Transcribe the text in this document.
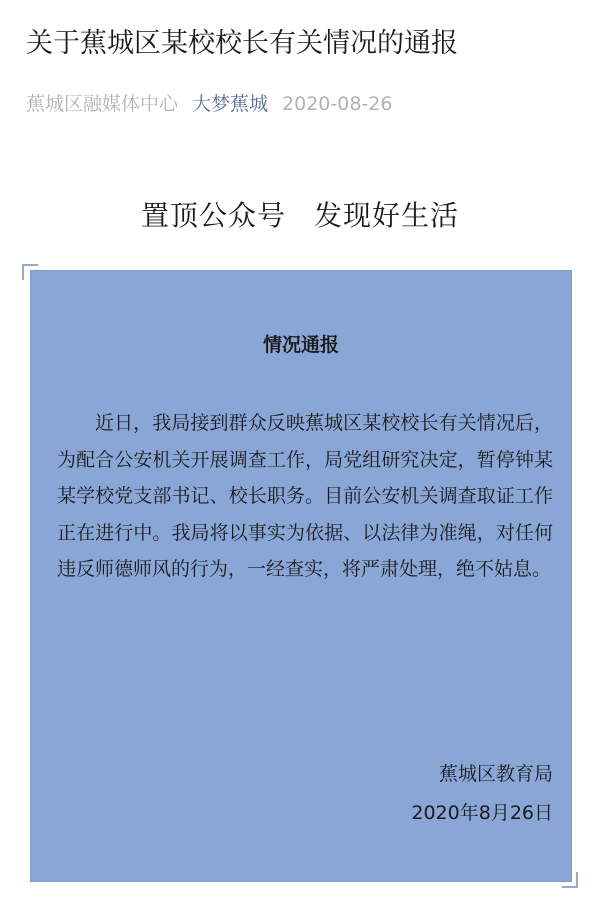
关于蕉城区某校校长有关情况的通报
蕉城区融媒体中心 大梦蕉城 2020-08-26
置顶公众号 发现好生活
情况通报
近日，我局接到群众反映蕉城区某校校长有关情况后，为配合公安机关开展调查工作，局党组研究决定，暂停钟某某学校党支部书记、校长职务。目前公安机关调查取证工作正在进行中。我局将以事实为依据、以法律为准绳，对任何违反师德师风的行为，一经查实，将严肃处理，绝不姑息。
蕉城区教育局
2020年8月26日
